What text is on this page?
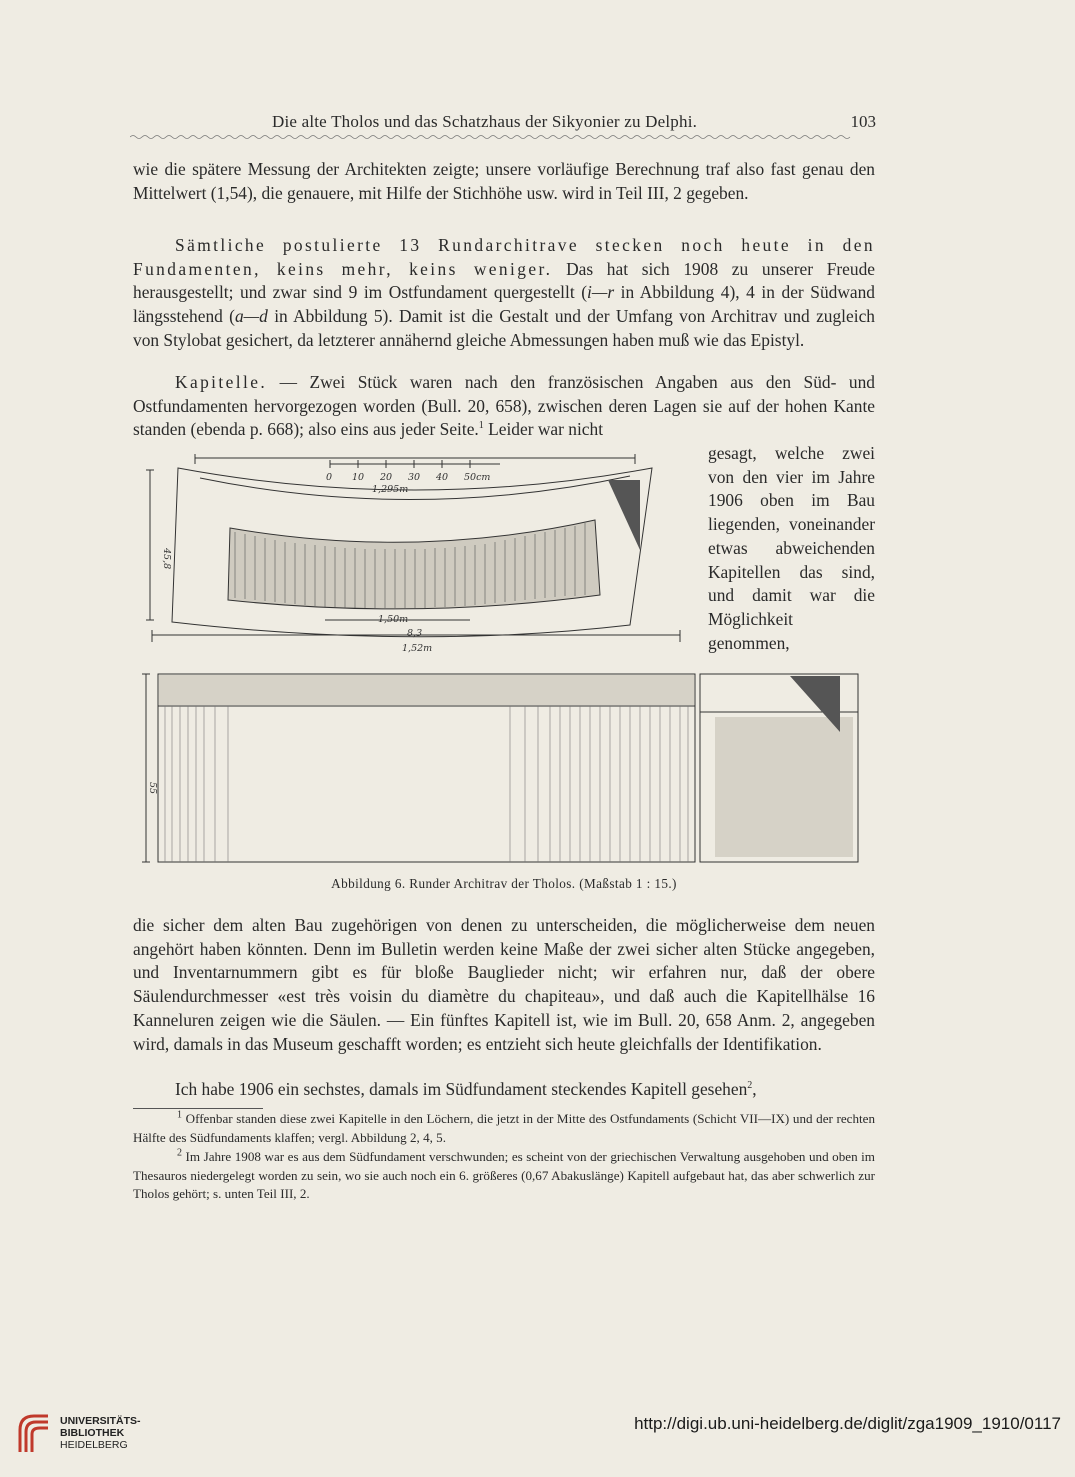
Die alte Tholos und das Schatzhaus der Sikyonier zu Delphi.	103

wie die spätere Messung der Architekten zeigte; unsere vorläufige Berechnung traf also fast genau den Mittelwert (1,54), die genauere, mit Hilfe der Stichhöhe usw. wird in Teil III, 2 gegeben.

Sämtliche postulierte 13 Rundarchitrave stecken noch heute in den Fundamenten, keins mehr, keins weniger. Das hat sich 1908 zu unserer Freude herausgestellt; und zwar sind 9 im Ostfundament quergestellt (i—r in Abbildung 4), 4 in der Südwand längsstehend (a—d in Abbildung 5). Damit ist die Gestalt und der Umfang von Architrav und zugleich von Stylobat gesichert, da letzterer annähernd gleiche Abmessungen haben muß wie das Epistyl.

Kapitelle. — Zwei Stück waren nach den französischen Angaben aus den Süd- und Ostfundamenten hervorgezogen worden (Bull. 20, 658), zwischen deren Lagen sie auf der hohen Kante standen (ebenda p. 668); also eins aus jeder Seite.$^1$ Leider war nicht

gesagt, welche zwei von den vier im Jahre 1906 oben im Bau liegenden, voneinander etwas abweichenden Kapitellen das sind, und damit war die Möglichkeit genommen,

0 10 20 30 40 50cm
1,295m
1,50m
1,52m
8,3
45,8
55
Abbildung 6. Runder Architrav der Tholos. (Maßstab 1 : 15.)

die sicher dem alten Bau zugehörigen von denen zu unterscheiden, die möglicherweise dem neuen angehört haben könnten. Denn im Bulletin werden keine Maße der zwei sicher alten Stücke angegeben, und Inventarnummern gibt es für bloße Bauglieder nicht; wir erfahren nur, daß der obere Säulendurchmesser «est très voisin du diamètre du chapiteau», und daß auch die Kapitellhälse 16 Kanneluren zeigen wie die Säulen. — Ein fünftes Kapitell ist, wie im Bull. 20, 658 Anm. 2, angegeben wird, damals in das Museum geschafft worden; es entzieht sich heute gleichfalls der Identifikation.

Ich habe 1906 ein sechstes, damals im Südfundament steckendes Kapitell gesehen$^2$,

$^1$ Offenbar standen diese zwei Kapitelle in den Löchern, die jetzt in der Mitte des Ostfundaments (Schicht VII—IX) und der rechten Hälfte des Südfundaments klaffen; vergl. Abbildung 2, 4, 5.

$^2$ Im Jahre 1908 war es aus dem Südfundament verschwunden; es scheint von der griechischen Verwaltung ausgehoben und oben im Thesauros niedergelegt worden zu sein, wo sie auch noch ein 6. größeres (0,67 Abakuslänge) Kapitell aufgebaut hat, das aber schwerlich zur Tholos gehört; s. unten Teil III, 2.

UNIVERSITÄTS-
BIBLIOTHEK
HEIDELBERG
http://digi.ub.uni-heidelberg.de/diglit/zga1909_1910/0117
